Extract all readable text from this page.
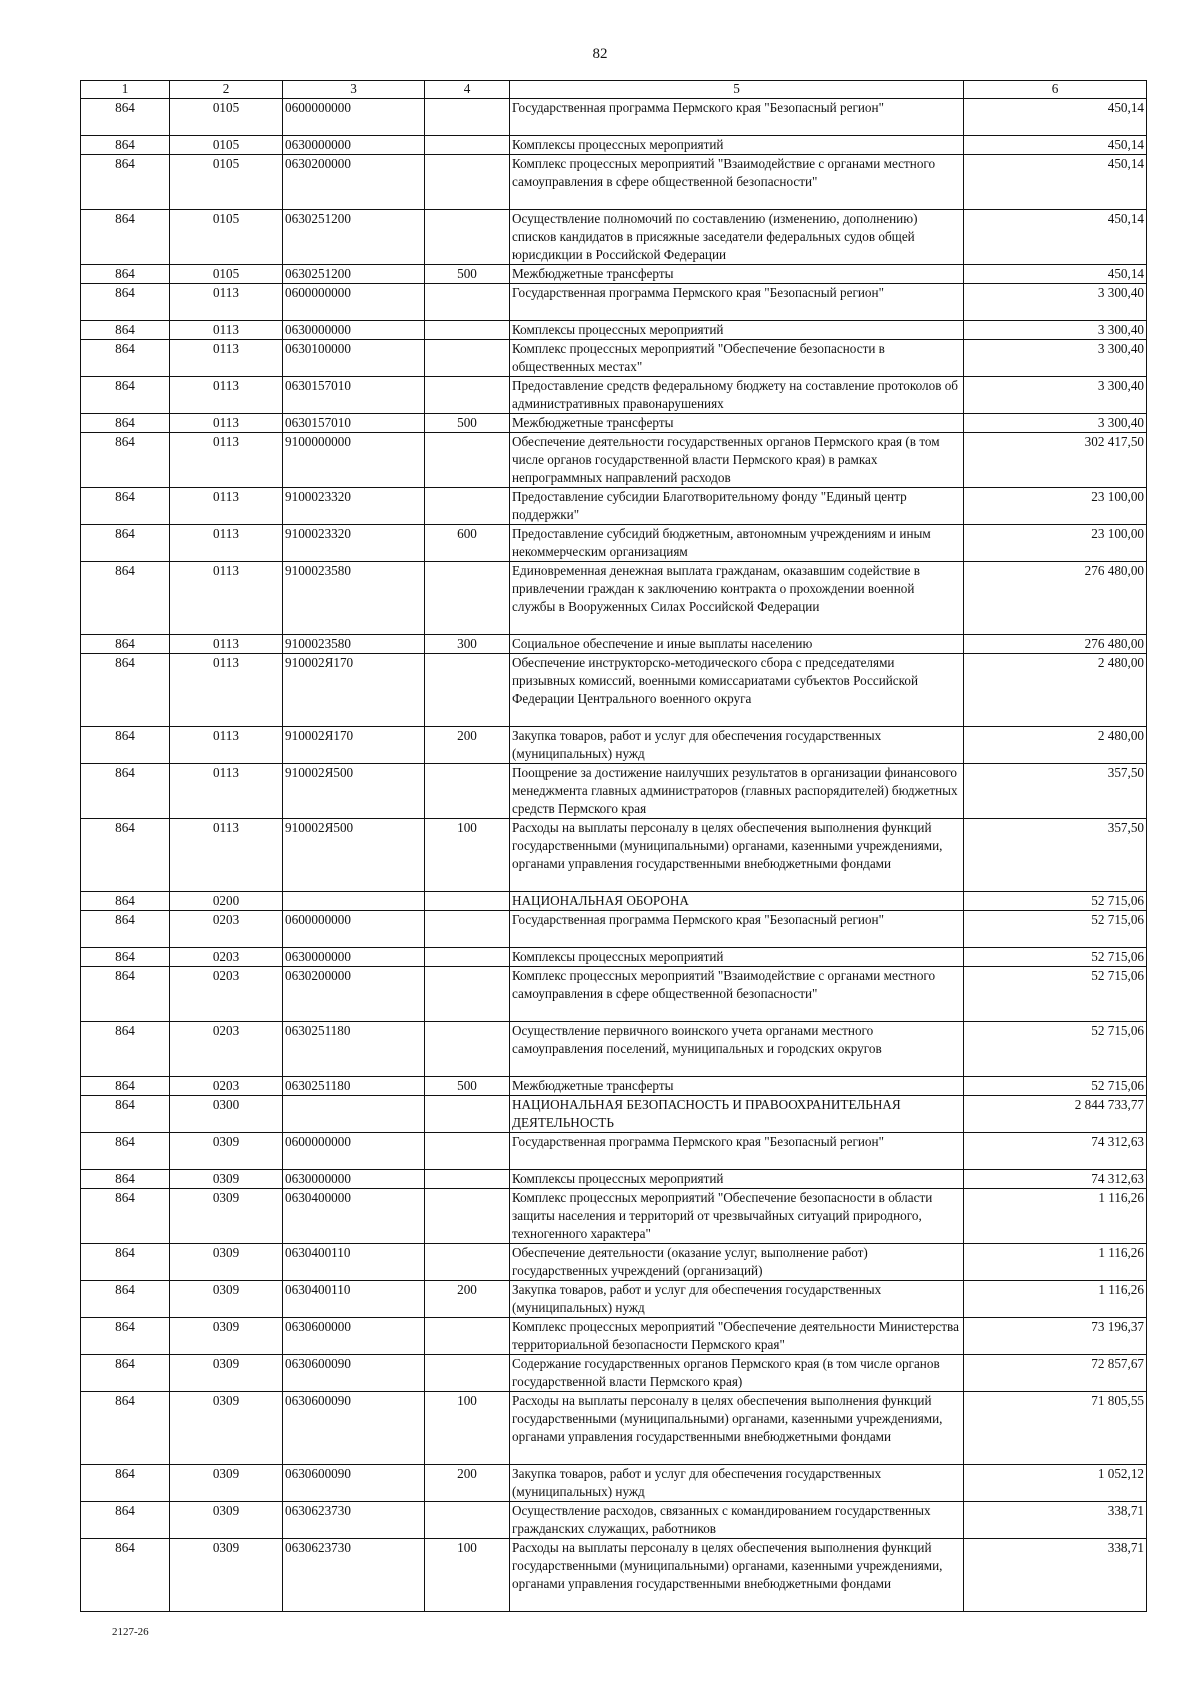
82
1	2	3	4	5	6
864	0105	0600000000		Государственная программа Пермского края "Безопасный регион"	450,14
864	0105	0630000000		Комплексы процессных мероприятий	450,14
864	0105	0630200000		Комплекс процессных мероприятий "Взаимодействие с органами местного самоуправления в сфере общественной безопасности"	450,14
864	0105	0630251200		Осуществление полномочий по составлению (изменению, дополнению) списков кандидатов в присяжные заседатели федеральных судов общей юрисдикции в Российской Федерации	450,14
864	0105	0630251200	500	Межбюджетные трансферты	450,14
864	0113	0600000000		Государственная программа Пермского края "Безопасный регион"	3 300,40
864	0113	0630000000		Комплексы процессных мероприятий	3 300,40
864	0113	0630100000		Комплекс процессных мероприятий "Обеспечение безопасности в общественных местах"	3 300,40
864	0113	0630157010		Предоставление средств федеральному бюджету на составление протоколов об административных правонарушениях	3 300,40
864	0113	0630157010	500	Межбюджетные трансферты	3 300,40
864	0113	9100000000		Обеспечение деятельности государственных органов Пермского края (в том числе органов государственной власти Пермского края) в рамках непрограммных направлений расходов	302 417,50
864	0113	9100023320		Предоставление субсидии Благотворительному фонду "Единый центр поддержки"	23 100,00
864	0113	9100023320	600	Предоставление субсидий бюджетным, автономным учреждениям и иным некоммерческим организациям	23 100,00
864	0113	9100023580		Единовременная денежная выплата гражданам, оказавшим содействие в привлечении граждан к заключению контракта о прохождении военной службы в Вооруженных Силах Российской Федерации	276 480,00
864	0113	9100023580	300	Социальное обеспечение и иные выплаты населению	276 480,00
864	0113	910002Я170		Обеспечение инструкторско-методического сбора с председателями призывных комиссий, военными комиссариатами субъектов Российской Федерации Центрального военного округа	2 480,00
864	0113	910002Я170	200	Закупка товаров, работ и услуг для обеспечения государственных (муниципальных) нужд	2 480,00
864	0113	910002Я500		Поощрение за достижение наилучших результатов в организации финансового менеджмента главных администраторов (главных распорядителей) бюджетных средств Пермского края	357,50
864	0113	910002Я500	100	Расходы на выплаты персоналу в целях обеспечения выполнения функций государственными (муниципальными) органами, казенными учреждениями, органами управления государственными внебюджетными фондами	357,50
864	0200			НАЦИОНАЛЬНАЯ ОБОРОНА	52 715,06
864	0203	0600000000		Государственная программа Пермского края "Безопасный регион"	52 715,06
864	0203	0630000000		Комплексы процессных мероприятий	52 715,06
864	0203	0630200000		Комплекс процессных мероприятий "Взаимодействие с органами местного самоуправления в сфере общественной безопасности"	52 715,06
864	0203	0630251180		Осуществление первичного воинского учета органами местного самоуправления поселений, муниципальных и городских округов	52 715,06
864	0203	0630251180	500	Межбюджетные трансферты	52 715,06
864	0300			НАЦИОНАЛЬНАЯ БЕЗОПАСНОСТЬ И ПРАВООХРАНИТЕЛЬНАЯ ДЕЯТЕЛЬНОСТЬ	2 844 733,77
864	0309	0600000000		Государственная программа Пермского края "Безопасный регион"	74 312,63
864	0309	0630000000		Комплексы процессных мероприятий	74 312,63
864	0309	0630400000		Комплекс процессных мероприятий "Обеспечение безопасности в области защиты населения и территорий от чрезвычайных ситуаций природного, техногенного характера"	1 116,26
864	0309	0630400110		Обеспечение деятельности (оказание услуг, выполнение работ) государственных учреждений (организаций)	1 116,26
864	0309	0630400110	200	Закупка товаров, работ и услуг для обеспечения государственных (муниципальных) нужд	1 116,26
864	0309	0630600000		Комплекс процессных мероприятий "Обеспечение деятельности Министерства территориальной безопасности Пермского края"	73 196,37
864	0309	0630600090		Содержание государственных органов Пермского края (в том числе органов государственной власти Пермского края)	72 857,67
864	0309	0630600090	100	Расходы на выплаты персоналу в целях обеспечения выполнения функций государственными (муниципальными) органами, казенными учреждениями, органами управления государственными внебюджетными фондами	71 805,55
864	0309	0630600090	200	Закупка товаров, работ и услуг для обеспечения государственных (муниципальных) нужд	1 052,12
864	0309	0630623730		Осуществление расходов, связанных с командированием государственных гражданских служащих, работников	338,71
864	0309	0630623730	100	Расходы на выплаты персоналу в целях обеспечения выполнения функций государственными (муниципальными) органами, казенными учреждениями, органами управления государственными внебюджетными фондами	338,71
2127-26
